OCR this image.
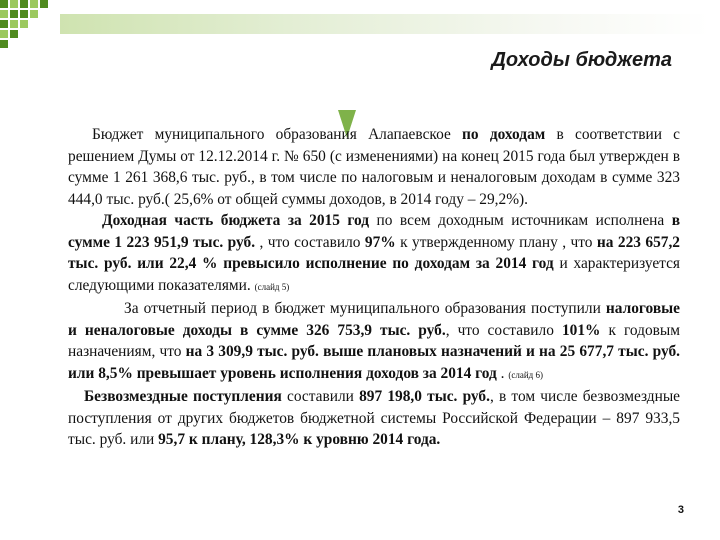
Доходы бюджета

Бюджет муниципального образования Алапаевское по доходам в соответствии с решением Думы от 12.12.2014 г. № 650 (с изменениями) на конец 2015 года был утвержден в сумме 1 261 368,6 тыс. руб., в том числе по налоговым и неналоговым доходам в сумме 323 444,0 тыс. руб.( 25,6% от общей суммы доходов, в 2014 году – 29,2%).

Доходная часть бюджета за 2015 год по всем доходным источникам исполнена в сумме 1 223 951,9 тыс. руб. , что составило 97% к утвержденному плану , что на 223 657,2 тыс. руб. или 22,4 % превысило исполнение по доходам за 2014 год и характеризуется следующими показателями. (слайд 5)

За отчетный период в бюджет муниципального образования поступили налоговые и неналоговые доходы в сумме 326 753,9 тыс. руб., что составило 101% к годовым назначениям, что на 3 309,9 тыс. руб. выше плановых назначений и на 25 677,7 тыс. руб. или 8,5% превышает уровень исполнения доходов за 2014 год . (слайд 6)

Безвозмездные поступления составили 897 198,0 тыс. руб., в том числе безвозмездные поступления от других бюджетов бюджетной системы Российской Федерации – 897 933,5 тыс. руб. или 95,7 к плану, 128,3% к уровню 2014 года.

3
